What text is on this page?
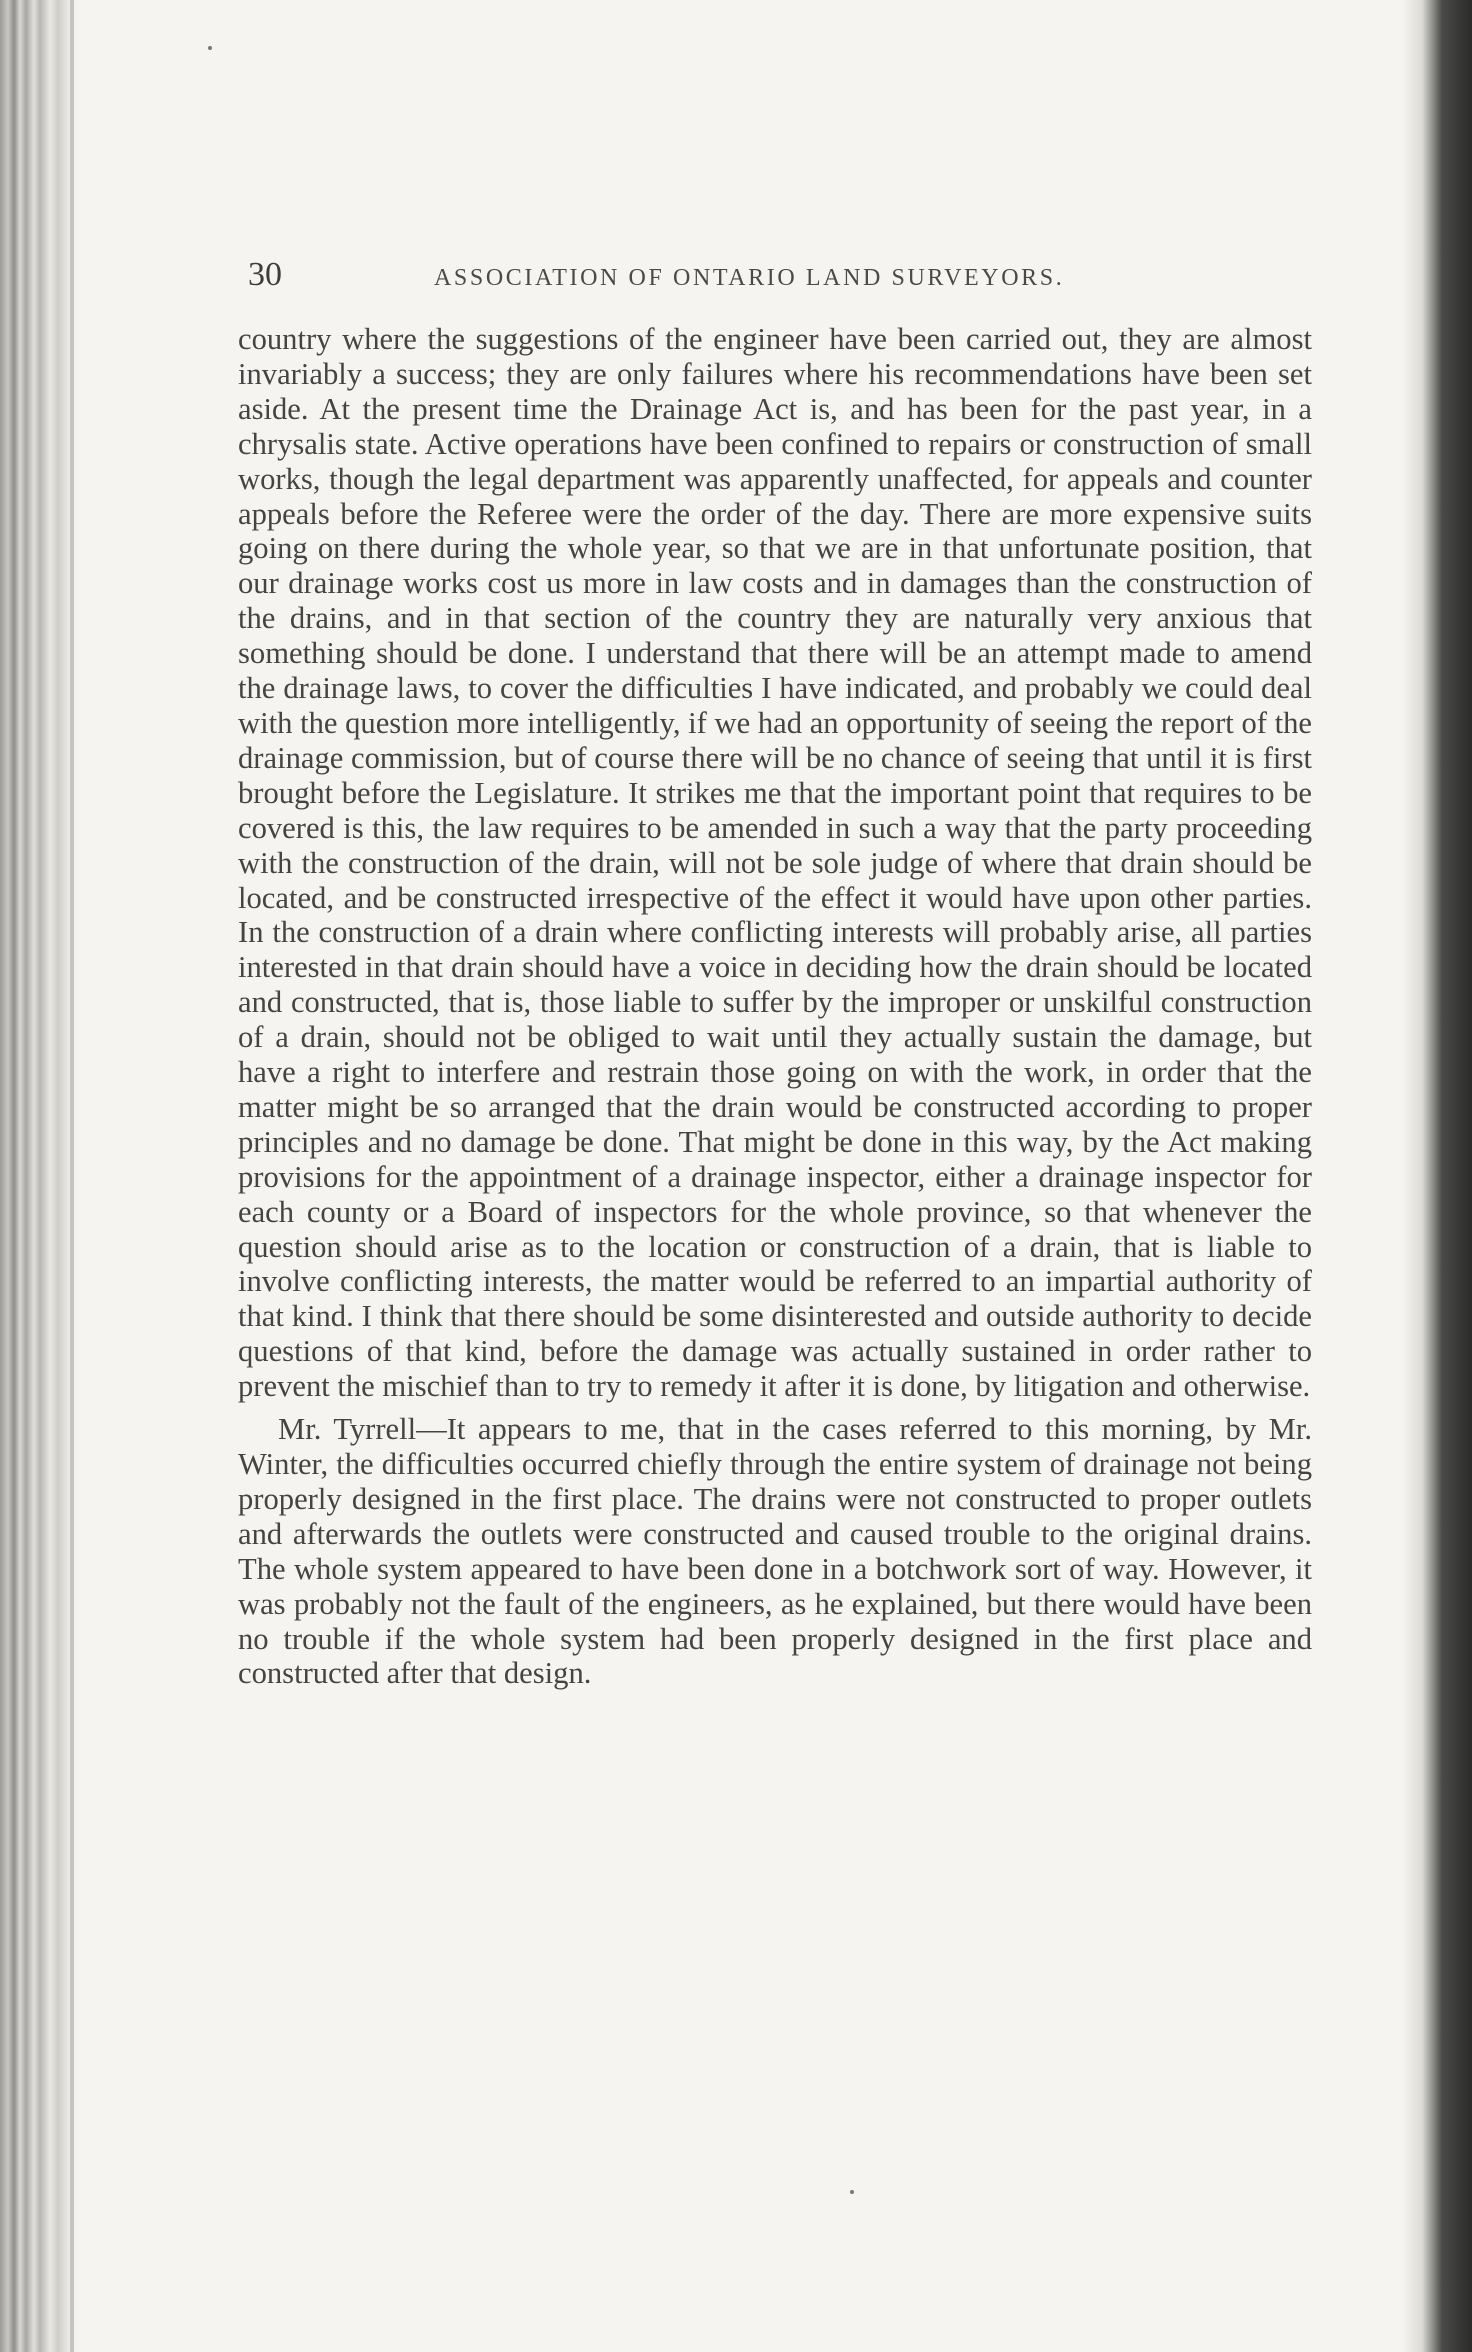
30	ASSOCIATION OF ONTARIO LAND SURVEYORS.

country where the suggestions of the engineer have been carried out, they are almost invariably a success; they are only failures where his recommendations have been set aside. At the present time the Drainage Act is, and has been for the past year, in a chrysalis state. Active operations have been confined to repairs or construction of small works, though the legal department was apparently unaffected, for appeals and counter appeals before the Referee were the order of the day. There are more expensive suits going on there during the whole year, so that we are in that unfortunate position, that our drainage works cost us more in law costs and in damages than the construction of the drains, and in that section of the country they are naturally very anxious that something should be done. I understand that there will be an attempt made to amend the drainage laws, to cover the difficulties I have indicated, and probably we could deal with the question more intelligently, if we had an opportunity of seeing the report of the drainage commission, but of course there will be no chance of seeing that until it is first brought before the Legislature. It strikes me that the important point that requires to be covered is this, the law requires to be amended in such a way that the party proceeding with the construction of the drain, will not be sole judge of where that drain should be located, and be constructed irrespective of the effect it would have upon other parties. In the construction of a drain where conflicting interests will probably arise, all parties interested in that drain should have a voice in deciding how the drain should be located and constructed, that is, those liable to suffer by the improper or unskilful construction of a drain, should not be obliged to wait until they actually sustain the damage, but have a right to interfere and restrain those going on with the work, in order that the matter might be so arranged that the drain would be constructed according to proper principles and no damage be done. That might be done in this way, by the Act making provisions for the appointment of a drainage inspector, either a drainage inspector for each county or a Board of inspectors for the whole province, so that whenever the question should arise as to the location or construction of a drain, that is liable to involve conflicting interests, the matter would be referred to an impartial authority of that kind. I think that there should be some disinterested and outside authority to decide questions of that kind, before the damage was actually sustained in order rather to prevent the mischief than to try to remedy it after it is done, by litigation and otherwise.

Mr. Tyrrell—It appears to me, that in the cases referred to this morning, by Mr. Winter, the difficulties occurred chiefly through the entire system of drainage not being properly designed in the first place. The drains were not constructed to proper outlets and afterwards the outlets were constructed and caused trouble to the original drains. The whole system appeared to have been done in a botchwork sort of way. However, it was probably not the fault of the engineers, as he explained, but there would have been no trouble if the whole system had been properly designed in the first place and constructed after that design.
